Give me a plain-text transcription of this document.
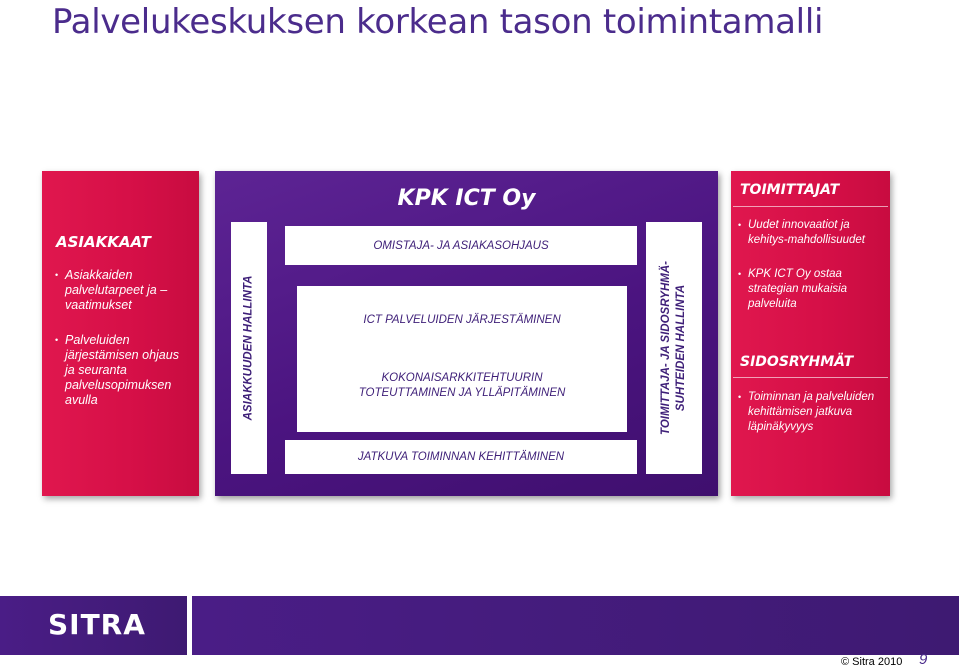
Palvelukeskuksen korkean tason toimintamalli
ASIAKKAAT
• Asiakkaiden palvelutarpeet ja – vaatimukset
• Palveluiden järjestämisen ohjaus ja seuranta palvelusopimuksen avulla
KPK ICT Oy
ASIAKKUUDEN HALLINTA	TOIMITTAJA- JA SIDOSRYHMÄ- SUHTEIDEN HALLINTA
OMISTAJA- JA ASIAKASOHJAUS
ICT PALVELUIDEN JÄRJESTÄMINEN
KOKONAISARKKITEHTUURIN
TOTEUTTAMINEN JA YLLÄPITÄMINEN
JATKUVA TOIMINNAN KEHITTÄMINEN
TOIMITTAJAT
• Uudet innovaatiot ja kehitys-mahdollisuudet
• KPK ICT Oy ostaa strategian mukaisia palveluita
SIDOSRYHMÄT
• Toiminnan ja palveluiden kehittämisen jatkuva läpinäkyvyys
SITRA
© Sitra 2010 9
